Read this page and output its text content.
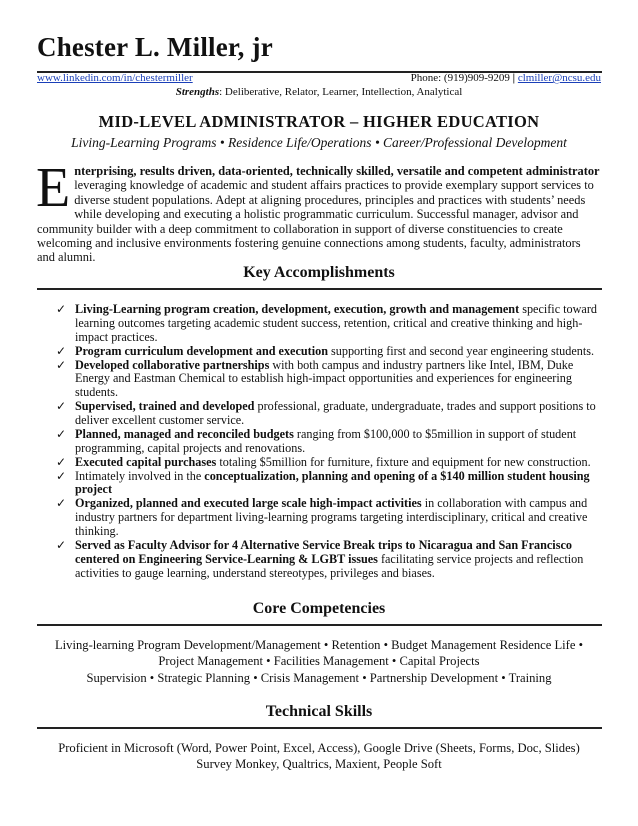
Chester L. Miller, jr
www.linkedin.com/in/chestermiller	Phone: (919)909-9209 | clmiller@ncsu.edu
Strengths: Deliberative, Relator, Learner, Intellection, Analytical
MID-LEVEL ADMINISTRATOR – HIGHER EDUCATION
Living-Learning Programs • Residence Life/Operations • Career/Professional Development
Enterprising, results driven, data-oriented, technically skilled, versatile and competent administrator leveraging knowledge of academic and student affairs practices to provide exemplary support services to diverse student populations. Adept at aligning procedures, principles and practices with students’ needs while developing and executing a holistic programmatic curriculum. Successful manager, advisor and community builder with a deep commitment to collaboration in support of diverse constituencies to create welcoming and inclusive environments fostering genuine connections among students, faculty, administrators and alumni.
Key Accomplishments
✓ Living-Learning program creation, development, execution, growth and management specific toward learning outcomes targeting academic student success, retention, critical and creative thinking and high-impact practices.
✓ Program curriculum development and execution supporting first and second year engineering students.
✓ Developed collaborative partnerships with both campus and industry partners like Intel, IBM, Duke Energy and Eastman Chemical to establish high-impact opportunities and experiences for engineering students.
✓ Supervised, trained and developed professional, graduate, undergraduate, trades and support positions to deliver excellent customer service.
✓ Planned, managed and reconciled budgets ranging from $100,000 to $5million in support of student programming, capital projects and renovations.
✓ Executed capital purchases totaling $5million for furniture, fixture and equipment for new construction.
✓ Intimately involved in the conceptualization, planning and opening of a $140 million student housing project
✓ Organized, planned and executed large scale high-impact activities in collaboration with campus and industry partners for department living-learning programs targeting interdisciplinary, critical and creative thinking.
✓ Served as Faculty Advisor for 4 Alternative Service Break trips to Nicaragua and San Francisco centered on Engineering Service-Learning & LGBT issues facilitating service projects and reflection activities to gauge learning, understand stereotypes, privileges and biases.
Core Competencies
Living-learning Program Development/Management • Retention • Budget Management Residence Life •
Project Management • Facilities Management • Capital Projects
Supervision • Strategic Planning • Crisis Management • Partnership Development • Training
Technical Skills
Proficient in Microsoft (Word, Power Point, Excel, Access), Google Drive (Sheets, Forms, Doc, Slides)
Survey Monkey, Qualtrics, Maxient, People Soft
